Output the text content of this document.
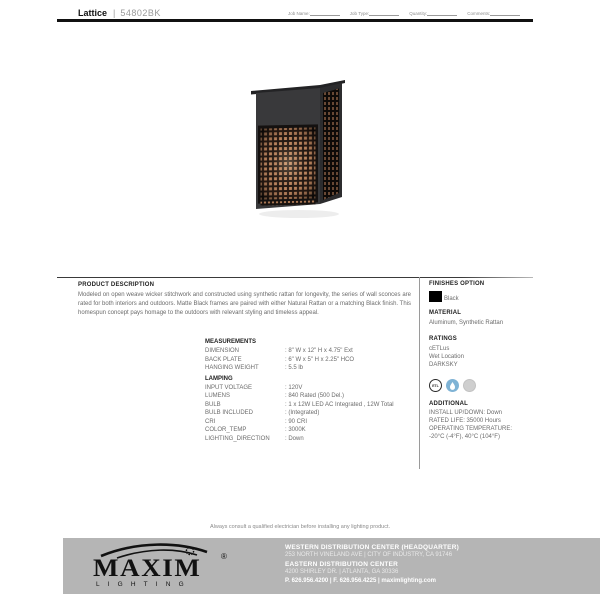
Lattice | 54802BK	Job Name:	Job Type:	Quantity:	Comments:
PRODUCT DESCRIPTION
Modeled on open weave wicker stitchwork and constructed using synthetic rattan for longevity, the series of wall sconces are rated for both interiors and outdoors. Matte Black frames are paired with either Natural Rattan or a matching Black finish. This homespun concept pays homage to the outdoors with relevant styling and timeless appeal.
MEASUREMENTS
DIMENSION	: 8" W x 12" H x 4.75" Ext
BACK PLATE	: 6" W x 5" H x 2.25" HCO
HANGING WEIGHT	: 5.5 lb
LAMPING
INPUT VOLTAGE	: 120V
LUMENS	: 840 Rated (500 Del.)
BULB	: 1 x 12W LED AC Integrated , 12W Total
BULB INCLUDED	: (Integrated)
CRI	: 90 CRI
COLOR_TEMP	: 3000K
LIGHTING_DIRECTION	: Down
FINISHES OPTION
Black
MATERIAL
Aluminum, Synthetic Rattan
RATINGS
cETLus
Wet Location
DARKSKY
ETL
ADDITIONAL
INSTALL UP/DOWN: Down
RATED LIFE: 35000 Hours
OPERATING TEMPERATURE:
-20°C (-4°F), 40°C (104°F)
Always consult a qualified electrician before installing any lighting product.
MAXIM ®
L I G H T I N G
WESTERN DISTRIBUTION CENTER (HEADQUARTER)
253 NORTH VINELAND AVE | CITY OF INDUSTRY, CA 91746
EASTERN DISTRIBUTION CENTER
4200 SHIRLEY DR. | ATLANTA, GA 30336
P. 626.956.4200 | F. 626.956.4225 | maximlighting.com
